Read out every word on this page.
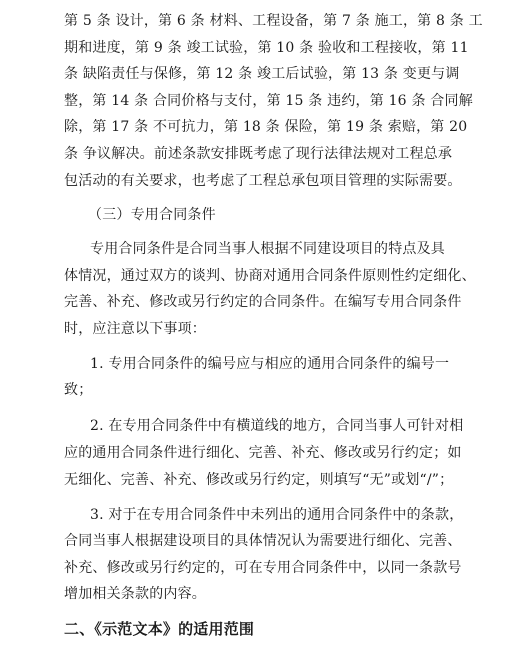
第 5 条 设计，第 6 条 材料、工程设备，第 7 条 施工，第 8 条 工
期和进度，第 9 条 竣工试验，第 10 条 验收和工程接收，第 11
条 缺陷责任与保修，第 12 条 竣工后试验，第 13 条 变更与调
整，第 14 条 合同价格与支付，第 15 条 违约，第 16 条 合同解
除，第 17 条 不可抗力，第 18 条 保险，第 19 条 索赔，第 20
条 争议解决。前述条款安排既考虑了现行法律法规对工程总承
包活动的有关要求，也考虑了工程总承包项目管理的实际需要。
（三）专用合同条件
专用合同条件是合同当事人根据不同建设项目的特点及具
体情况，通过双方的谈判、协商对通用合同条件原则性约定细化、
完善、补充、修改或另行约定的合同条件。在编写专用合同条件
时，应注意以下事项：
1. 专用合同条件的编号应与相应的通用合同条件的编号一
致；
2. 在专用合同条件中有横道线的地方，合同当事人可针对相
应的通用合同条件进行细化、完善、补充、修改或另行约定；如
无细化、完善、补充、修改或另行约定，则填写“无”或划“/”；
3. 对于在专用合同条件中未列出的通用合同条件中的条款，
合同当事人根据建设项目的具体情况认为需要进行细化、完善、
补充、修改或另行约定的，可在专用合同条件中，以同一条款号
增加相关条款的内容。
二、《示范文本》的适用范围
